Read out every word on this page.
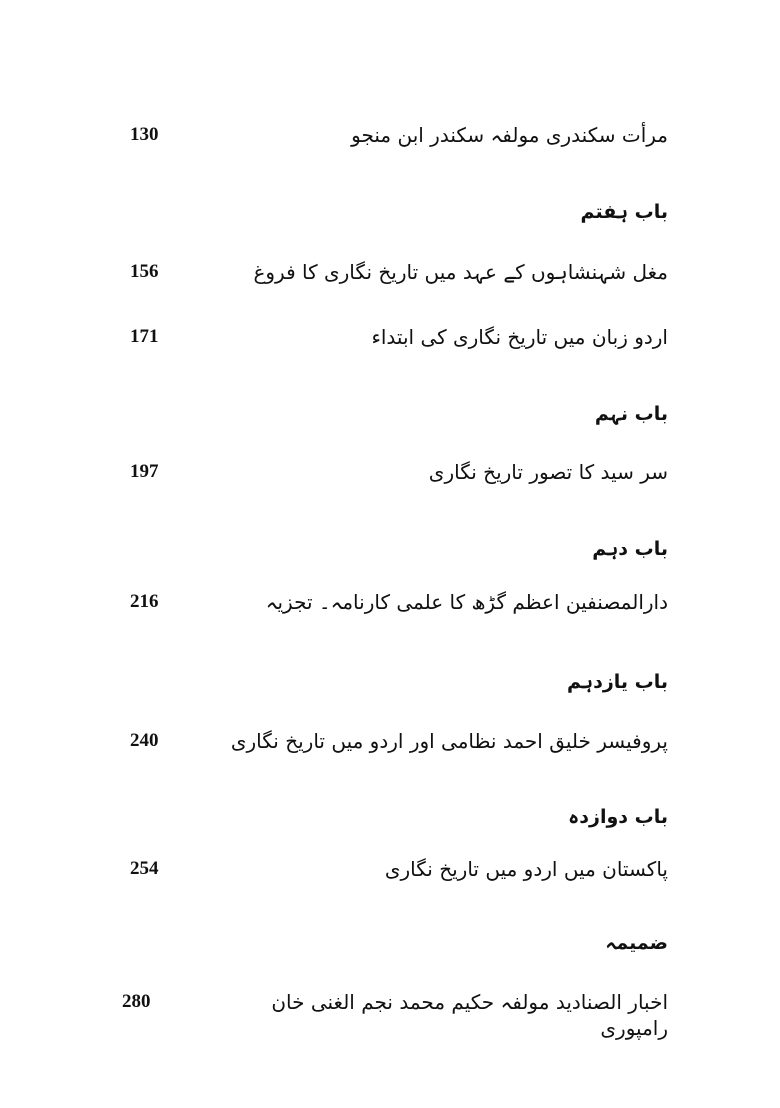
مرأت سکندری مولفہ سکندر ابن منجو
130
باب ہفتم
مغل شہنشاہوں کے عہد میں تاریخ نگاری کا فروغ
156
اردو زبان میں تاریخ نگاری کی ابتداء
171
باب نہم
سر سید کا تصور تاریخ نگاری
197
باب دہم
دارالمصنفین اعظم گڑھ کا علمی کارنامہ۔ تجزیہ
216
باب یازدہم
پروفیسر خلیق احمد نظامی اور اردو میں تاریخ نگاری
240
باب دوازدہ
پاکستان میں اردو میں تاریخ نگاری
254
ضمیمہ
اخبار الصنادید مولفہ حکیم محمد نجم الغنی خان رامپوری
280
